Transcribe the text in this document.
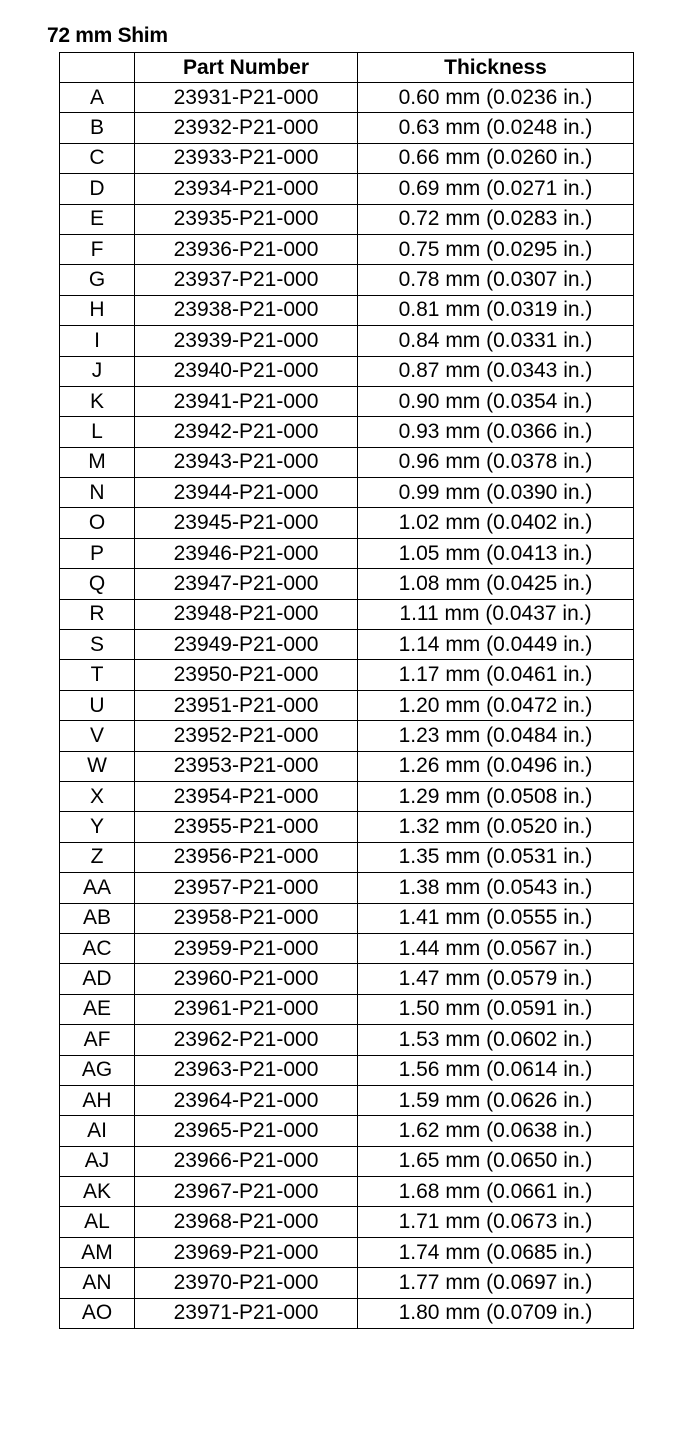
72 mm Shim
	Part Number	Thickness
A	23931-P21-000	0.60 mm (0.0236 in.)
B	23932-P21-000	0.63 mm (0.0248 in.)
C	23933-P21-000	0.66 mm (0.0260 in.)
D	23934-P21-000	0.69 mm (0.0271 in.)
E	23935-P21-000	0.72 mm (0.0283 in.)
F	23936-P21-000	0.75 mm (0.0295 in.)
G	23937-P21-000	0.78 mm (0.0307 in.)
H	23938-P21-000	0.81 mm (0.0319 in.)
I	23939-P21-000	0.84 mm (0.0331 in.)
J	23940-P21-000	0.87 mm (0.0343 in.)
K	23941-P21-000	0.90 mm (0.0354 in.)
L	23942-P21-000	0.93 mm (0.0366 in.)
M	23943-P21-000	0.96 mm (0.0378 in.)
N	23944-P21-000	0.99 mm (0.0390 in.)
O	23945-P21-000	1.02 mm (0.0402 in.)
P	23946-P21-000	1.05 mm (0.0413 in.)
Q	23947-P21-000	1.08 mm (0.0425 in.)
R	23948-P21-000	1.11 mm (0.0437 in.)
S	23949-P21-000	1.14 mm (0.0449 in.)
T	23950-P21-000	1.17 mm (0.0461 in.)
U	23951-P21-000	1.20 mm (0.0472 in.)
V	23952-P21-000	1.23 mm (0.0484 in.)
W	23953-P21-000	1.26 mm (0.0496 in.)
X	23954-P21-000	1.29 mm (0.0508 in.)
Y	23955-P21-000	1.32 mm (0.0520 in.)
Z	23956-P21-000	1.35 mm (0.0531 in.)
AA	23957-P21-000	1.38 mm (0.0543 in.)
AB	23958-P21-000	1.41 mm (0.0555 in.)
AC	23959-P21-000	1.44 mm (0.0567 in.)
AD	23960-P21-000	1.47 mm (0.0579 in.)
AE	23961-P21-000	1.50 mm (0.0591 in.)
AF	23962-P21-000	1.53 mm (0.0602 in.)
AG	23963-P21-000	1.56 mm (0.0614 in.)
AH	23964-P21-000	1.59 mm (0.0626 in.)
AI	23965-P21-000	1.62 mm (0.0638 in.)
AJ	23966-P21-000	1.65 mm (0.0650 in.)
AK	23967-P21-000	1.68 mm (0.0661 in.)
AL	23968-P21-000	1.71 mm (0.0673 in.)
AM	23969-P21-000	1.74 mm (0.0685 in.)
AN	23970-P21-000	1.77 mm (0.0697 in.)
AO	23971-P21-000	1.80 mm (0.0709 in.)
